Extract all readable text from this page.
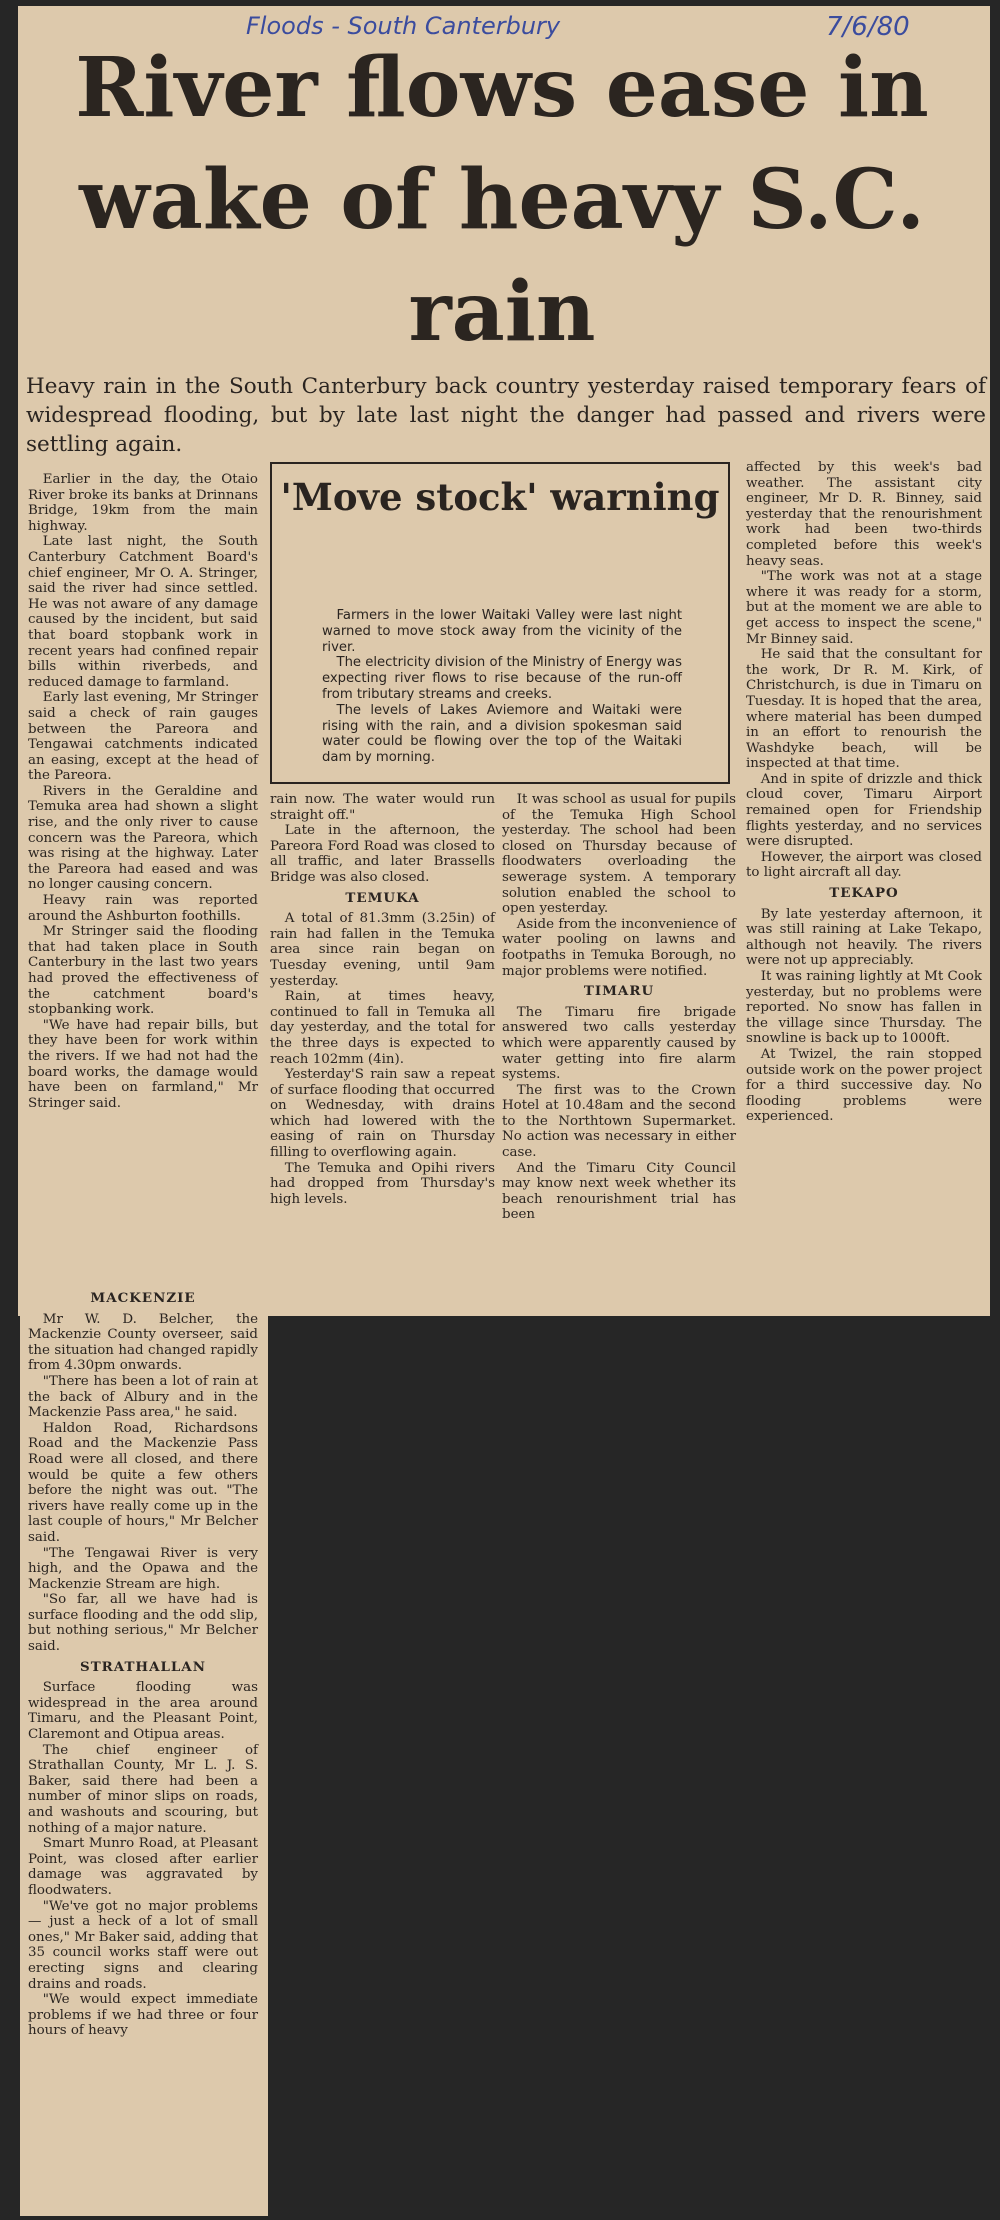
Floods - South Canterbury	7/6/80
River flows ease in wake of heavy S.C. rain
Heavy rain in the South Canterbury back country yesterday raised temporary fears of widespread flooding, but by late last night the danger had passed and rivers were settling again.

Earlier in the day, the Otaio River broke its banks at Drinnans Bridge, 19km from the main highway.

Late last night, the South Canterbury Catchment Board's chief engineer, Mr O. A. Stringer, said the river had since settled. He was not aware of any damage caused by the incident, but said that board stopbank work in recent years had confined repair bills within riverbeds, and reduced damage to farmland.

Early last evening, Mr Stringer said a check of rain gauges between the Pareora and Tengawai catchments indicated an easing, except at the head of the Pareora.

Rivers in the Geraldine and Temuka area had shown a slight rise, and the only river to cause concern was the Pareora, which was rising at the highway. Later the Pareora had eased and was no longer causing concern.

Heavy rain was reported around the Ashburton foothills.

Mr Stringer said the flooding that had taken place in South Canterbury in the last two years had proved the effectiveness of the catchment board's stopbanking work.

"We have had repair bills, but they have been for work within the rivers. If we had not had the board works, the damage would have been on farmland," Mr Stringer said.

MACKENZIE

Mr W. D. Belcher, the Mackenzie County overseer, said the situation had changed rapidly from 4.30pm onwards.

"There has been a lot of rain at the back of Albury and in the Mackenzie Pass area," he said.

Haldon Road, Richardsons Road and the Mackenzie Pass Road were all closed, and there would be quite a few others before the night was out. "The rivers have really come up in the last couple of hours," Mr Belcher said.

"The Tengawai River is very high, and the Opawa and the Mackenzie Stream are high.

"So far, all we have had is surface flooding and the odd slip, but nothing serious," Mr Belcher said.

STRATHALLAN

Surface flooding was widespread in the area around Timaru, and the Pleasant Point, Claremont and Otipua areas.

The chief engineer of Strathallan County, Mr L. J. S. Baker, said there had been a number of minor slips on roads, and washouts and scouring, but nothing of a major nature.

Smart Munro Road, at Pleasant Point, was closed after earlier damage was aggravated by floodwaters.

"We've got no major problems — just a heck of a lot of small ones," Mr Baker said, adding that 35 council works staff were out erecting signs and clearing drains and roads.

"We would expect immediate problems if we had three or four hours of heavy

'Move stock' warning

Farmers in the lower Waitaki Valley were last night warned to move stock away from the vicinity of the river.

The electricity division of the Ministry of Energy was expecting river flows to rise because of the run-off from tributary streams and creeks.

The levels of Lakes Aviemore and Waitaki were rising with the rain, and a division spokesman said water could be flowing over the top of the Waitaki dam by morning.

rain now. The water would run straight off."

Late in the afternoon, the Pareora Ford Road was closed to all traffic, and later Brassells Bridge was also closed.

TEMUKA

A total of 81.3mm (3.25in) of rain had fallen in the Temuka area since rain began on Tuesday evening, until 9am yesterday.

Rain, at times heavy, continued to fall in Temuka all day yesterday, and the total for the three days is expected to reach 102mm (4in).

Yesterday'S rain saw a repeat of surface flooding that occurred on Wednesday, with drains which had lowered with the easing of rain on Thursday filling to overflowing again.

The Temuka and Opihi rivers had dropped from Thursday's high levels.

It was school as usual for pupils of the Temuka High School yesterday. The school had been closed on Thursday because of floodwaters overloading the sewerage system. A temporary solution enabled the school to open yesterday.

Aside from the inconvenience of water pooling on lawns and footpaths in Temuka Borough, no major problems were notified.

TIMARU

The Timaru fire brigade answered two calls yesterday which were apparently caused by water getting into fire alarm systems.

The first was to the Crown Hotel at 10.48am and the second to the Northtown Supermarket. No action was necessary in either case.

And the Timaru City Council may know next week whether its beach renourishment trial has been

affected by this week's bad weather. The assistant city engineer, Mr D. R. Binney, said yesterday that the renourishment work had been two-thirds completed before this week's heavy seas.

"The work was not at a stage where it was ready for a storm, but at the moment we are able to get access to inspect the scene," Mr Binney said.

He said that the consultant for the work, Dr R. M. Kirk, of Christchurch, is due in Timaru on Tuesday. It is hoped that the area, where material has been dumped in an effort to renourish the Washdyke beach, will be inspected at that time.

And in spite of drizzle and thick cloud cover, Timaru Airport remained open for Friendship flights yesterday, and no services were disrupted.

However, the airport was closed to light aircraft all day.

TEKAPO

By late yesterday afternoon, it was still raining at Lake Tekapo, although not heavily. The rivers were not up appreciably.

It was raining lightly at Mt Cook yesterday, but no problems were reported. No snow has fallen in the village since Thursday. The snowline is back up to 1000ft.

At Twizel, the rain stopped outside work on the power project for a third successive day. No flooding problems were experienced.
